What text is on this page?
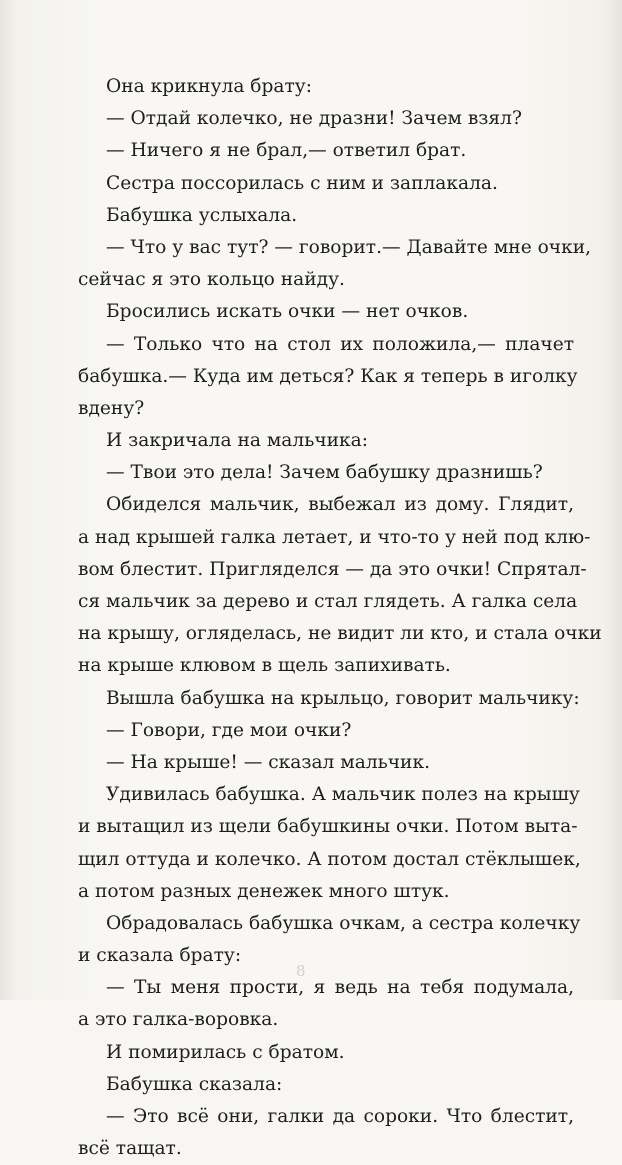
Она крикнула брату:
— Отдай колечко, не дразни! Зачем взял?
— Ничего я не брал,— ответил брат.
Сестра поссорилась с ним и заплакала.
Бабушка услыхала.
— Что у вас тут? — говорит.— Давайте мне очки,
сейчас я это кольцо найду.
Бросились искать очки — нет очков.
— Только что на стол их положила,— плачет
бабушка.— Куда им деться? Как я теперь в иголку
вдену?
И закричала на мальчика:
— Твои это дела! Зачем бабушку дразнишь?
Обиделся мальчик, выбежал из дому. Глядит,
а над крышей галка летает, и что-то у ней под клю-
вом блестит. Пригляделся — да это очки! Спрятал-
ся мальчик за дерево и стал глядеть. А галка села
на крышу, огляделась, не видит ли кто, и стала очки
на крыше клювом в щель запихивать.
Вышла бабушка на крыльцо, говорит мальчику:
— Говори, где мои очки?
— На крыше! — сказал мальчик.
Удивилась бабушка. А мальчик полез на крышу
и вытащил из щели бабушкины очки. Потом выта-
щил оттуда и колечко. А потом достал стёклышек,
а потом разных денежек много штук.
Обрадовалась бабушка очкам, а сестра колечку
и сказала брату:
— Ты меня прости, я ведь на тебя подумала,
а это галка-воровка.
И помирилась с братом.
Бабушка сказала:
— Это всё они, галки да сороки. Что блестит,
всё тащат.
8
